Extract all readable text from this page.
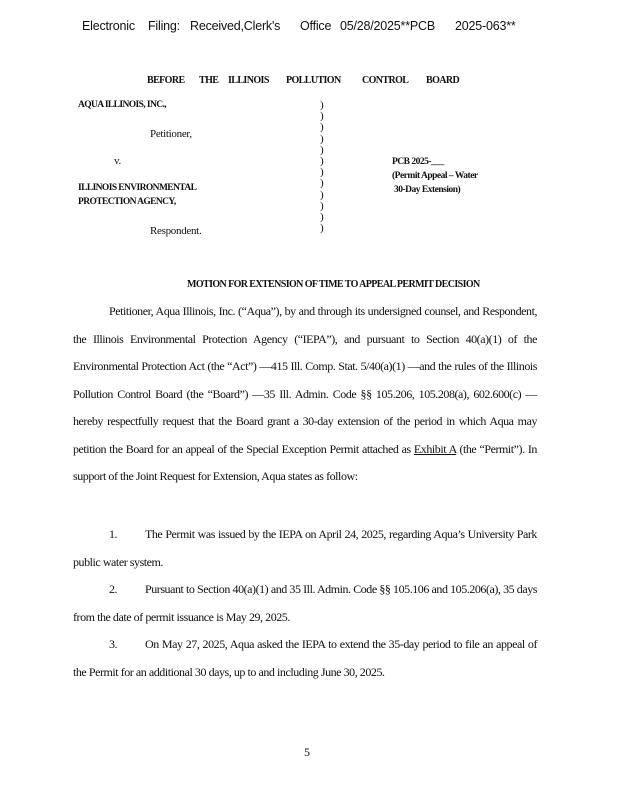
Electronic Filing: Received,Clerk's Office 05/28/2025**PCB 2025-063**
BEFORE THE ILLINOIS POLLUTION CONTROL BOARD
AQUA ILLINOIS, INC.,
Petitioner,
v.
ILLINOIS ENVIRONMENTAL
PROTECTION AGENCY,
Respondent.
)
)
)
)
)
)
)
)
)
)
)
)
PCB 2025-___
(Permit Appeal – Water
30-Day Extension)
MOTION FOR EXTENSION OF TIME TO APPEAL PERMIT DECISION
Petitioner, Aqua Illinois, Inc. (“Aqua”), by and through its undersigned counsel, and Respondent, the Illinois Environmental Protection Agency (“IEPA”), and pursuant to Section 40(a)(1) of the Environmental Protection Act (the “Act”) —415 Ill. Comp. Stat. 5/40(a)(1) —and the rules of the Illinois Pollution Control Board (the “Board”) —35 Ill. Admin. Code §§ 105.206, 105.208(a), 602.600(c) —hereby respectfully request that the Board grant a 30-day extension of the period in which Aqua may petition the Board for an appeal of the Special Exception Permit attached as Exhibit A (the “Permit”). In support of the Joint Request for Extension, Aqua states as follow:
1. The Permit was issued by the IEPA on April 24, 2025, regarding Aqua’s University Park public water system.
2. Pursuant to Section 40(a)(1) and 35 Ill. Admin. Code §§ 105.106 and 105.206(a), 35 days from the date of permit issuance is May 29, 2025.
3. On May 27, 2025, Aqua asked the IEPA to extend the 35-day period to file an appeal of the Permit for an additional 30 days, up to and including June 30, 2025.
5
